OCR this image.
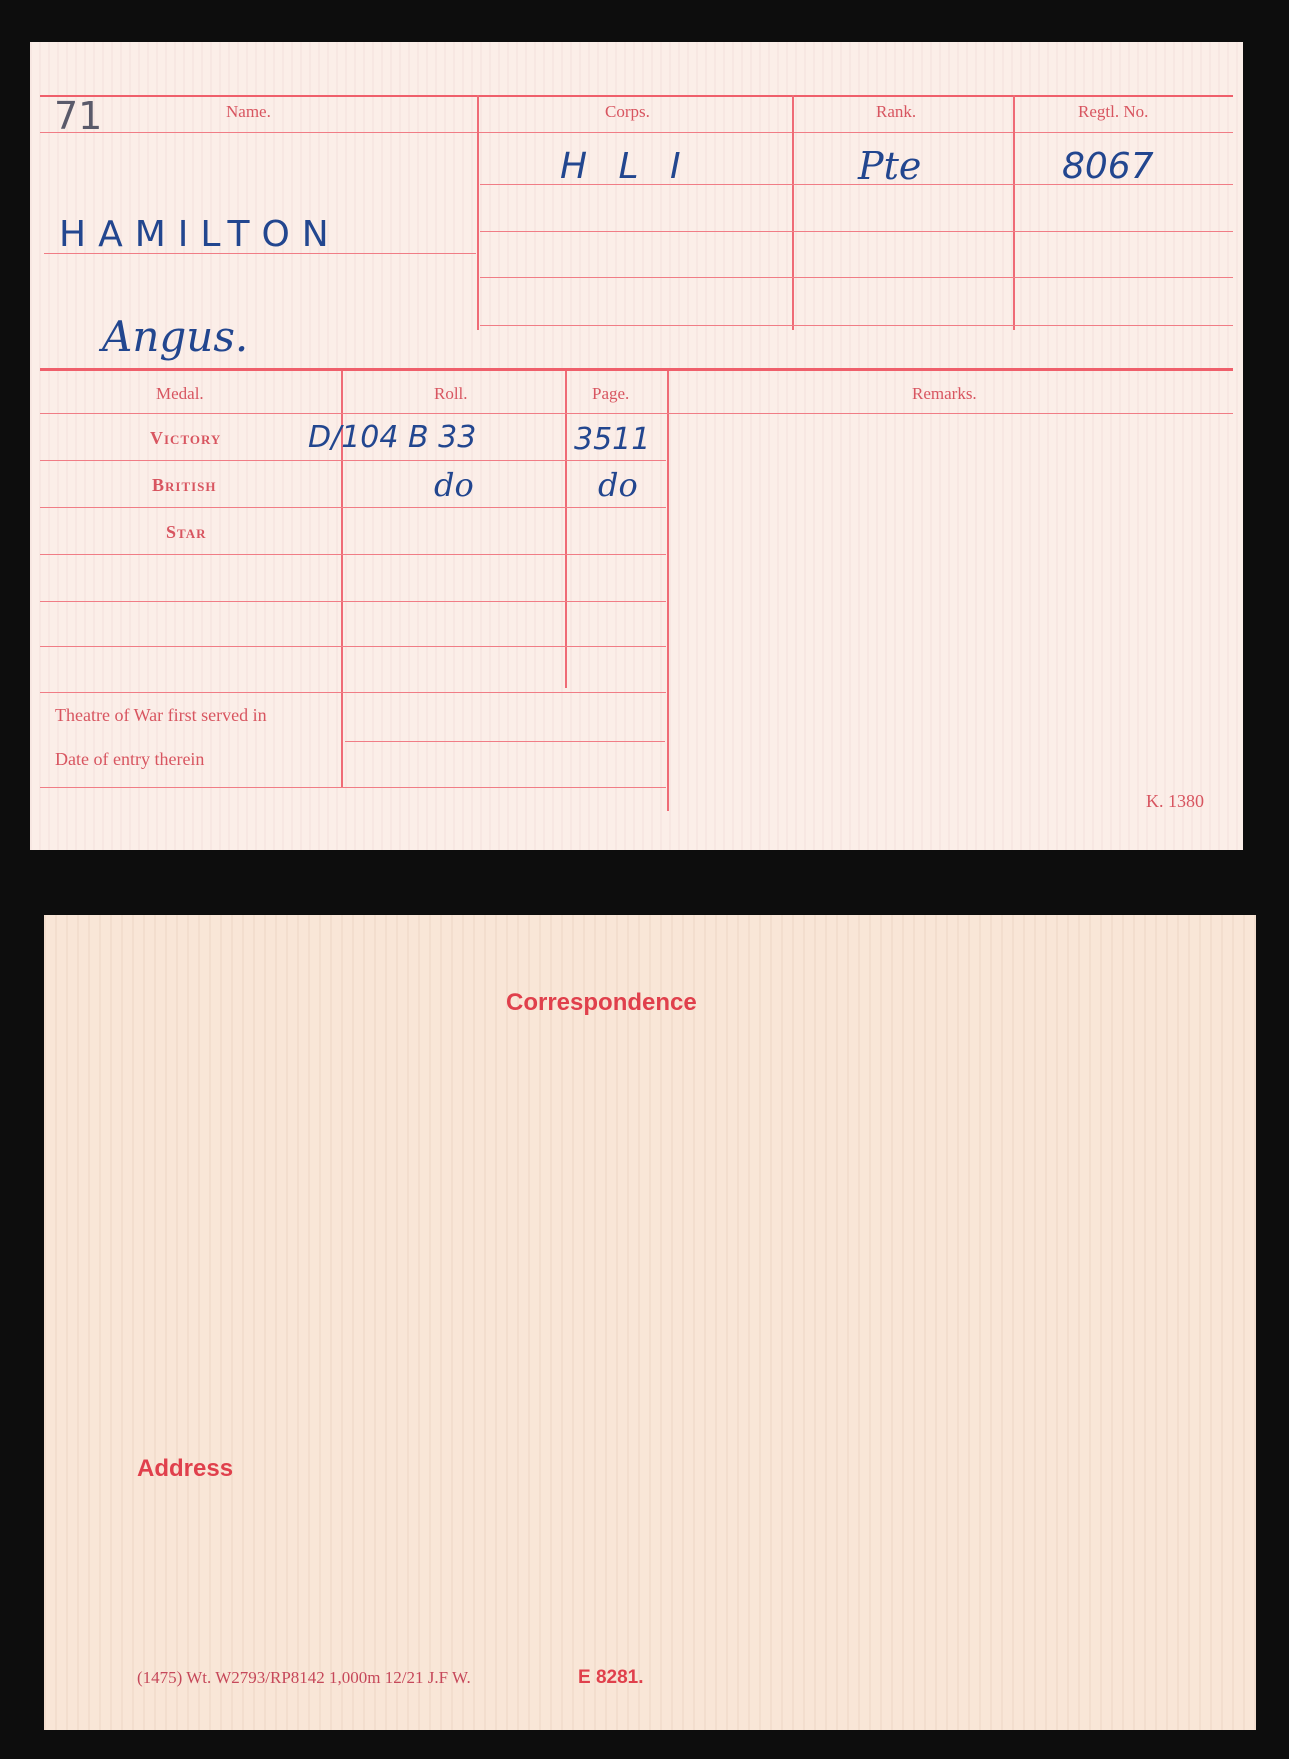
Name.	Corps.	Rank.	Regtl. No.
71
HAMILTON
Angus.
H L I	Pte	8067
Medal.	Roll.	Page.	Remarks.
Victory	D/104 B 33	3511
British	do	do
Star
Theatre of War first served in
Date of entry therein
K. 1380
Correspondence
Address
(1475) Wt. W2793/RP8142 1,000m 12/21 J.F W.	E 8281.
